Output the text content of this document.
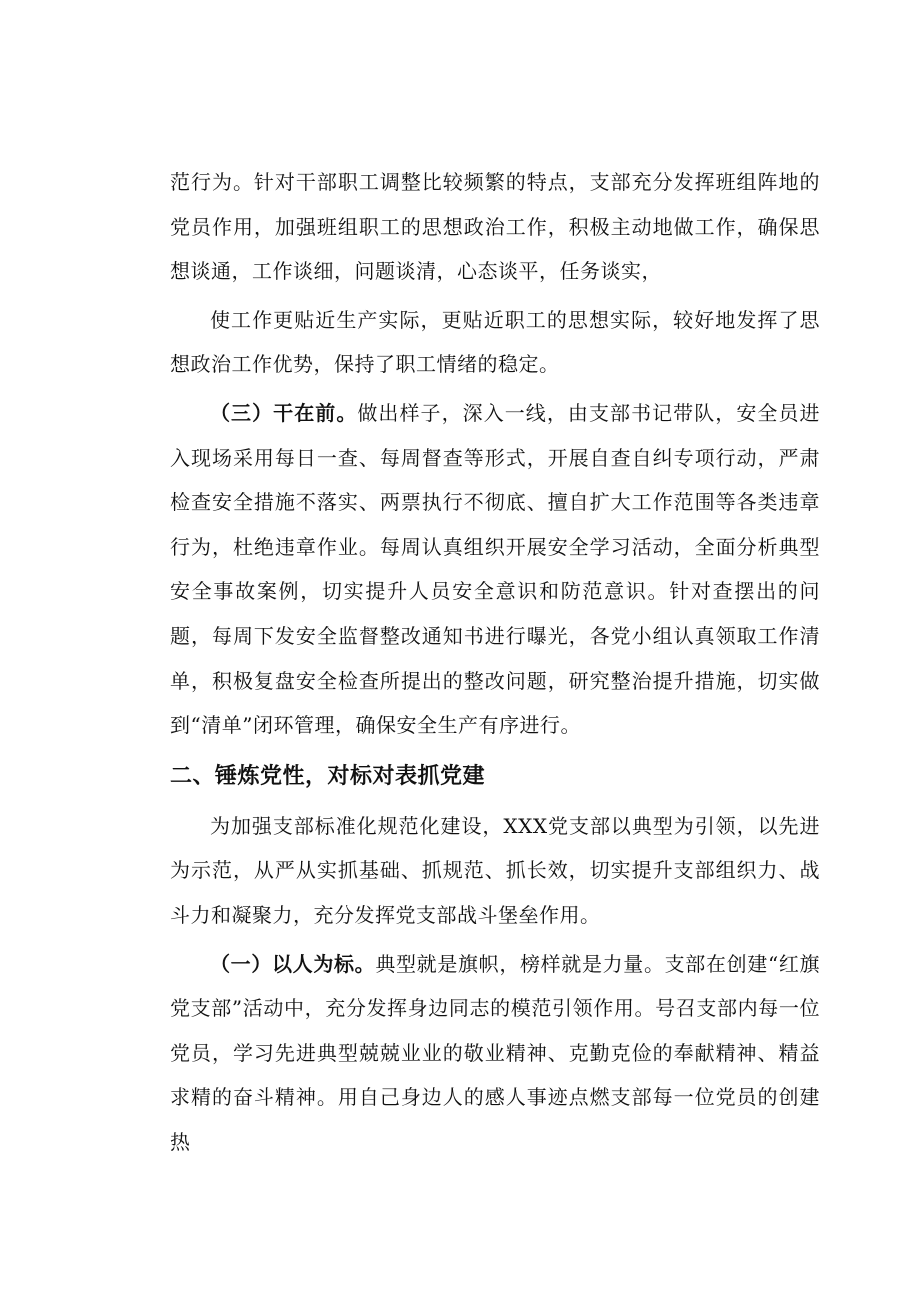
范行为。针对干部职工调整比较频繁的特点，支部充分发挥班组阵地的党员作用，加强班组职工的思想政治工作，积极主动地做工作，确保思想谈通，工作谈细，问题谈清，心态谈平，任务谈实，

使工作更贴近生产实际，更贴近职工的思想实际，较好地发挥了思想政治工作优势，保持了职工情绪的稳定。

（三）干在前。做出样子，深入一线，由支部书记带队，安全员进入现场采用每日一查、每周督查等形式，开展自查自纠专项行动，严肃检查安全措施不落实、两票执行不彻底、擅自扩大工作范围等各类违章行为，杜绝违章作业。每周认真组织开展安全学习活动，全面分析典型安全事故案例，切实提升人员安全意识和防范意识。针对查摆出的问题，每周下发安全监督整改通知书进行曝光，各党小组认真领取工作清单，积极复盘安全检查所提出的整改问题，研究整治提升措施，切实做到“清单”闭环管理，确保安全生产有序进行。

二、锤炼党性，对标对表抓党建

为加强支部标准化规范化建设，XXX党支部以典型为引领，以先进为示范，从严从实抓基础、抓规范、抓长效，切实提升支部组织力、战斗力和凝聚力，充分发挥党支部战斗堡垒作用。

（一）以人为标。典型就是旗帜，榜样就是力量。支部在创建“红旗党支部”活动中，充分发挥身边同志的模范引领作用。号召支部内每一位党员，学习先进典型兢兢业业的敬业精神、克勤克俭的奉献精神、精益求精的奋斗精神。用自己身边人的感人事迹点燃支部每一位党员的创建热
